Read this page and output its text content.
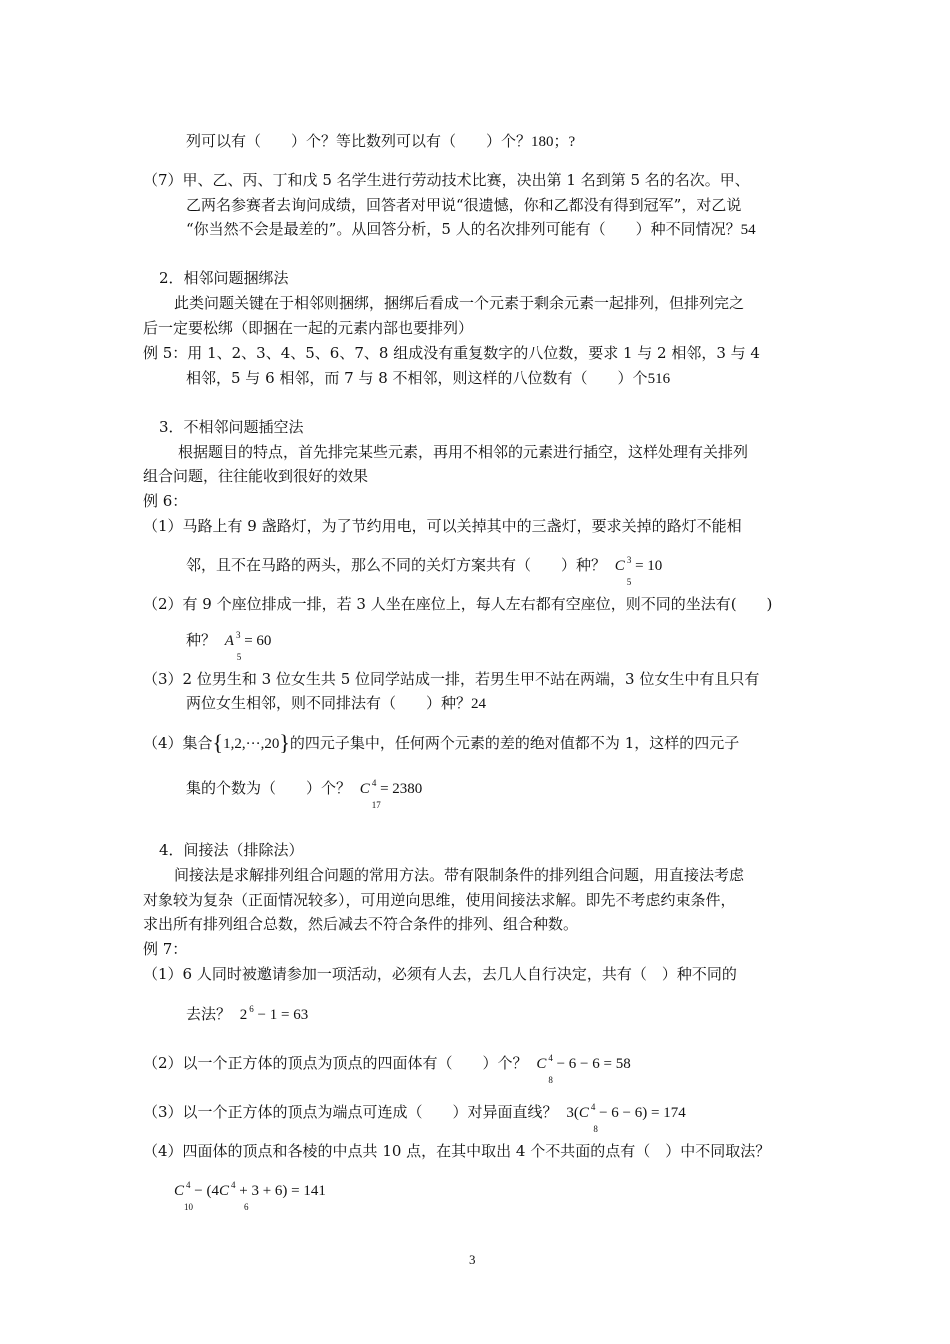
列可以有（　　）个？等比数列可以有（　　）个？180；?
（7）甲、乙、丙、丁和戊 5 名学生进行劳动技术比赛，决出第 1 名到第 5 名的名次。甲、
乙两名参赛者去询问成绩，回答者对甲说“很遗憾，你和乙都没有得到冠军”，对乙说
“你当然不会是最差的”。从回答分析，5 人的名次排列可能有（　　）种不同情况？54
2．相邻问题捆绑法
此类问题关键在于相邻则捆绑，捆绑后看成一个元素于剩余元素一起排列，但排列完之
后一定要松绑（即捆在一起的元素内部也要排列）
例 5：用 1、2、3、4、5、6、7、8 组成没有重复数字的八位数，要求 1 与 2 相邻，3 与 4
相邻，5 与 6 相邻，而 7 与 8 不相邻，则这样的八位数有（　　）个516
3．不相邻问题插空法
根据题目的特点，首先排完某些元素，再用不相邻的元素进行插空，这样处理有关排列
组合问题，往往能收到很好的效果
例 6：
（1）马路上有 9 盏路灯，为了节约用电，可以关掉其中的三盏灯，要求关掉的路灯不能相
邻，且不在马路的两头，那么不同的关灯方案共有（　　）种？ C $^3$
5
= 10
（2）有 9 个座位排成一排，若 3 人坐在座位上，每人左右都有空座位，则不同的坐法有(　　)
种？ A $^3$
5
= 60
（3）2 位男生和 3 位女生共 5 位同学站成一排，若男生甲不站在两端，3 位女生中有且只有
两位女生相邻，则不同排法有（　　）种？24
（4）集合{1,2,···,20}的四元子集中，任何两个元素的差的绝对值都不为 1，这样的四元子
集的个数为（　　）个？ C $^4$
17
= 2380
4．间接法（排除法）
间接法是求解排列组合问题的常用方法。带有限制条件的排列组合问题，用直接法考虑
对象较为复杂（正面情况较多），可用逆向思维，使用间接法求解。即先不考虑约束条件，
求出所有排列组合总数，然后减去不符合条件的排列、组合种数。
例 7：
（1）6 人同时被邀请参加一项活动，必须有人去，去几人自行决定，共有（　）种不同的
去法？ 2 $^6$ − 1 = 63
（2）以一个正方体的顶点为顶点的四面体有（　　）个？ C $^4$
8
− 6 − 6 = 58
（3）以一个正方体的顶点为端点可连成（　　）对异面直线？ 3(C $^4$
8
− 6 − 6) = 174
（4）四面体的顶点和各棱的中点共 10 点，在其中取出 4 个不共面的点有（　）中不同取法？
C $^4$
10
− (4C $^4$
6
+ 3 + 6) = 141
3
